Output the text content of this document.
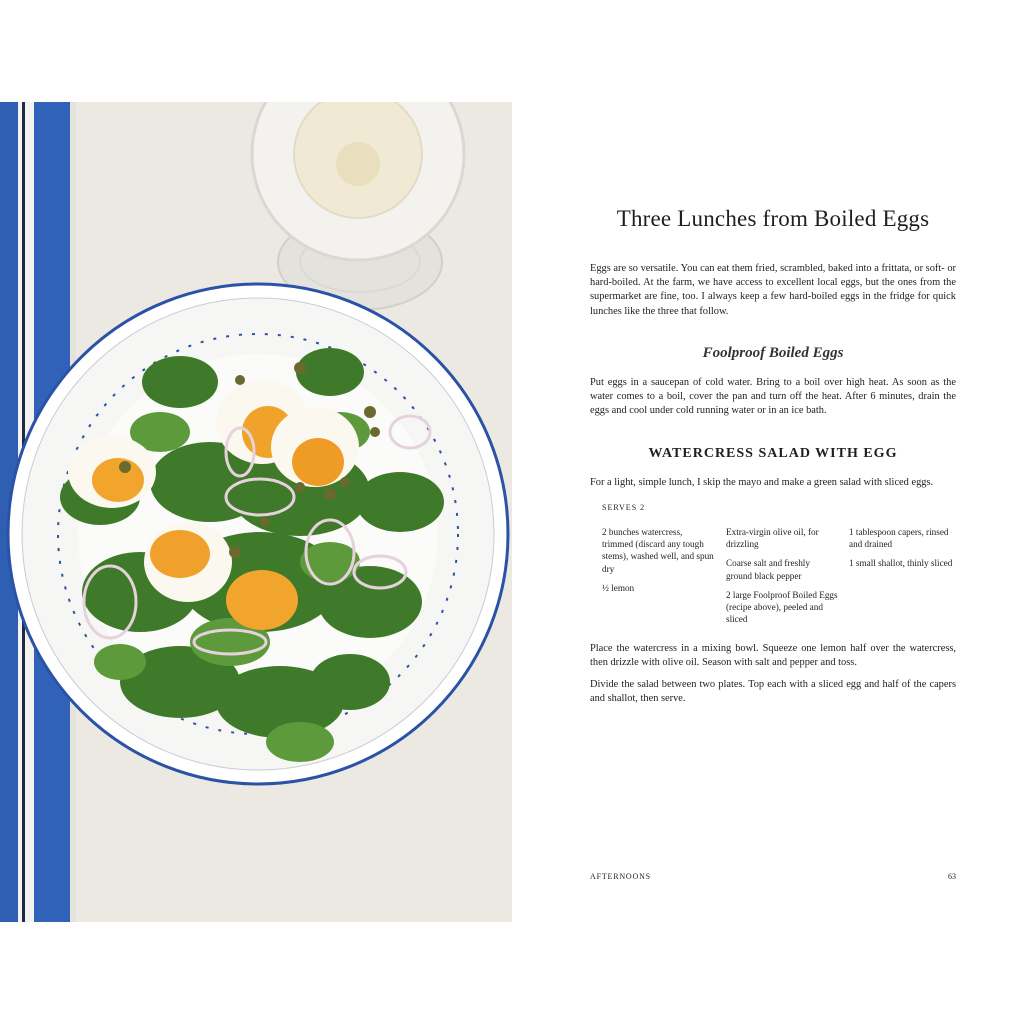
Three Lunches from Boiled Eggs

Eggs are so versatile. You can eat them fried, scrambled, baked into a frittata, or soft- or hard-boiled. At the farm, we have access to excellent local eggs, but the ones from the supermarket are fine, too. I always keep a few hard-boiled eggs in the fridge for quick lunches like the three that follow.

Foolproof Boiled Eggs

Put eggs in a saucepan of cold water. Bring to a boil over high heat. As soon as the water comes to a boil, cover the pan and turn off the heat. After 6 minutes, drain the eggs and cool under cold running water or in an ice bath.

WATERCRESS SALAD WITH EGG

For a light, simple lunch, I skip the mayo and make a green salad with sliced eggs.

SERVES 2

2 bunches watercress, trimmed (discard any tough stems), washed well, and spun dry

½ lemon

Extra-virgin olive oil, for drizzling

Coarse salt and freshly ground black pepper

2 large Foolproof Boiled Eggs (recipe above), peeled and sliced

1 tablespoon capers, rinsed and drained

1 small shallot, thinly sliced

Place the watercress in a mixing bowl. Squeeze one lemon half over the watercress, then drizzle with olive oil. Season with salt and pepper and toss.

Divide the salad between two plates. Top each with a sliced egg and half of the capers and shallot, then serve.

AFTERNOONS	63
